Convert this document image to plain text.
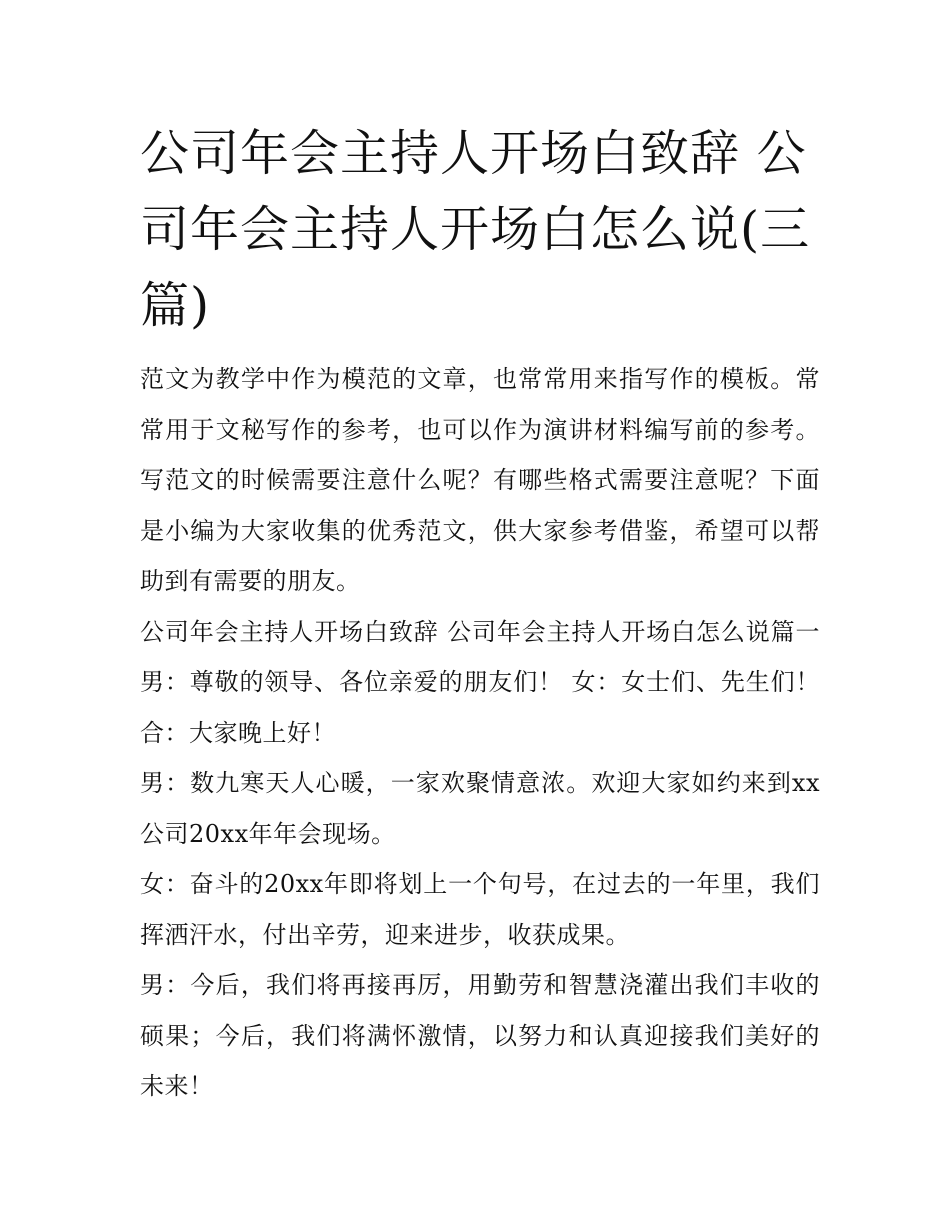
公司年会主持人开场白致辞 公司年会主持人开场白怎么说(三篇)

范文为教学中作为模范的文章，也常常用来指写作的模板。常常用于文秘写作的参考，也可以作为演讲材料编写前的参考。写范文的时候需要注意什么呢？有哪些格式需要注意呢？下面是小编为大家收集的优秀范文，供大家参考借鉴，希望可以帮助到有需要的朋友。

公司年会主持人开场白致辞 公司年会主持人开场白怎么说篇一 男：尊敬的领导、各位亲爱的朋友们！ 女：女士们、先生们！ 合：大家晚上好！

男：数九寒天人心暖，一家欢聚情意浓。欢迎大家如约来到xx公司20xx年年会现场。

女：奋斗的20xx年即将划上一个句号，在过去的一年里，我们挥洒汗水，付出辛劳，迎来进步，收获成果。

男：今后，我们将再接再厉，用勤劳和智慧浇灌出我们丰收的硕果；今后，我们将满怀激情，以努力和认真迎接我们美好的未来！
